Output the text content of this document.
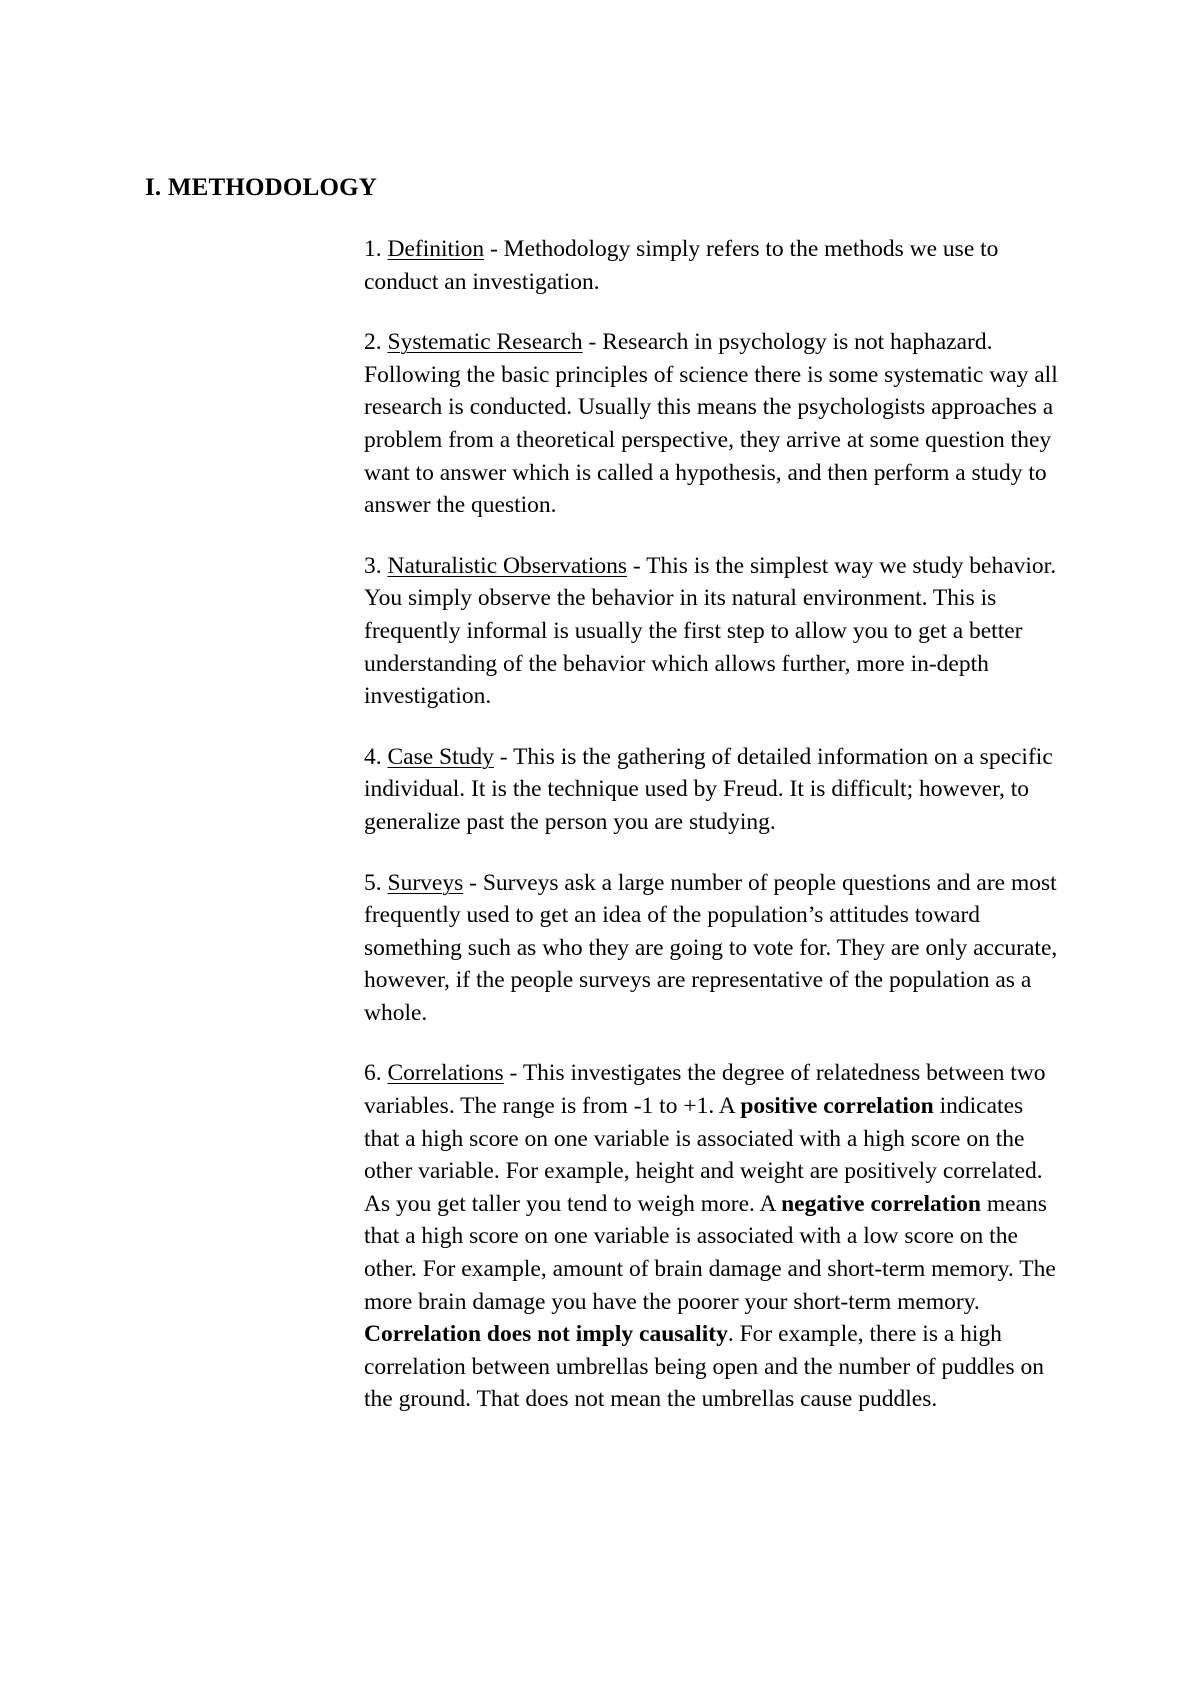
I. METHODOLOGY

1. Definition - Methodology simply refers to the methods we use to conduct an investigation.

2. Systematic Research - Research in psychology is not haphazard. Following the basic principles of science there is some systematic way all research is conducted. Usually this means the psychologists approaches a problem from a theoretical perspective, they arrive at some question they want to answer which is called a hypothesis, and then perform a study to answer the question.

3. Naturalistic Observations - This is the simplest way we study behavior. You simply observe the behavior in its natural environment. This is frequently informal is usually the first step to allow you to get a better understanding of the behavior which allows further, more in-depth investigation.

4. Case Study - This is the gathering of detailed information on a specific individual. It is the technique used by Freud. It is difficult; however, to generalize past the person you are studying.

5. Surveys - Surveys ask a large number of people questions and are most frequently used to get an idea of the population’s attitudes toward something such as who they are going to vote for. They are only accurate, however, if the people surveys are representative of the population as a whole.

6. Correlations - This investigates the degree of relatedness between two variables. The range is from -1 to +1. A positive correlation indicates that a high score on one variable is associated with a high score on the other variable. For example, height and weight are positively correlated. As you get taller you tend to weigh more. A negative correlation means that a high score on one variable is associated with a low score on the other. For example, amount of brain damage and short-term memory. The more brain damage you have the poorer your short-term memory. Correlation does not imply causality. For example, there is a high correlation between umbrellas being open and the number of puddles on the ground. That does not mean the umbrellas cause puddles.
